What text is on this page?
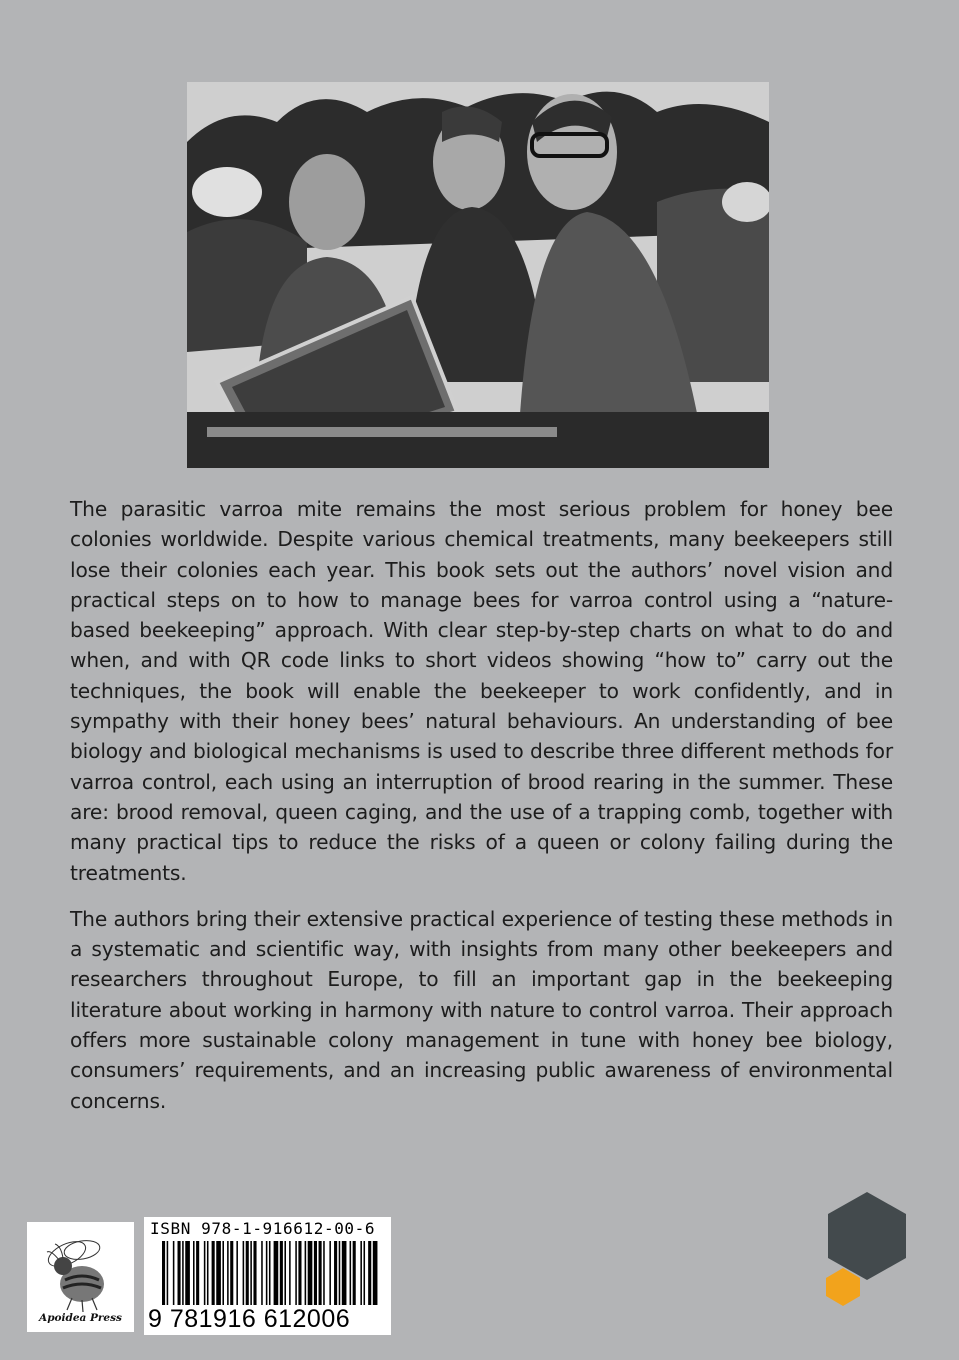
The parasitic varroa mite remains the most serious problem for honey bee colonies worldwide. Despite various chemical treatments, many beekeepers still lose their colonies each year. This book sets out the authors’ novel vision and practical steps on to how to manage bees for varroa control using a “nature-based beekeeping” approach. With clear step-by-step charts on what to do and when, and with QR code links to short videos showing “how to” carry out the techniques, the book will enable the beekeeper to work confidently, and in sympathy with their honey bees’ natural behaviours. An understanding of bee biology and biological mechanisms is used to describe three different methods for varroa control, each using an interruption of brood rearing in the summer. These are: brood removal, queen caging, and the use of a trapping comb, together with many practical tips to reduce the risks of a queen or colony failing during the treatments.

The authors bring their extensive practical experience of testing these methods in a systematic and scientific way, with insights from many other beekeepers and researchers throughout Europe, to fill an important gap in the beekeeping literature about working in harmony with nature to control varroa. Their approach offers more sustainable colony management in tune with honey bee biology, consumers’ requirements, and an increasing public awareness of environmental concerns.

Apoidea Press
ISBN 978-1-916612-00-6
9 781916 612006
